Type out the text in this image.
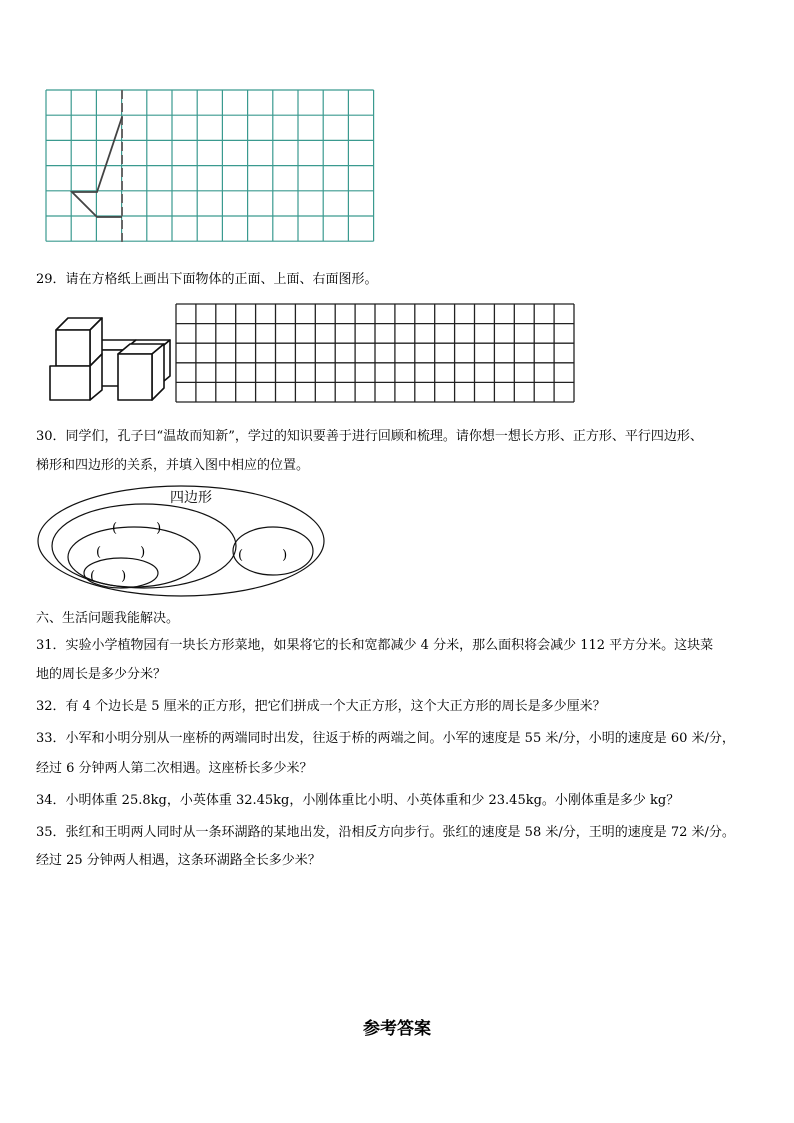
29．请在方格纸上画出下面物体的正面、上面、右面图形。
30．同学们，孔子曰“温故而知新”，学过的知识要善于进行回顾和梳理。请你想一想长方形、正方形、平行四边形、
梯形和四边形的关系，并填入图中相应的位置。
四边形
(　　　)
(　　　)
(　　)
(　　　)
六、生活问题我能解决。
31．实验小学植物园有一块长方形菜地，如果将它的长和宽都减少 4 分米，那么面积将会减少 112 平方分米。这块菜
地的周长是多少分米？
32．有 4 个边长是 5 厘米的正方形，把它们拼成一个大正方形，这个大正方形的周长是多少厘米？
33．小军和小明分别从一座桥的两端同时出发，往返于桥的两端之间。小军的速度是 55 米/分，小明的速度是 60 米/分，
经过 6 分钟两人第二次相遇。这座桥长多少米？
34．小明体重 25.8kg，小英体重 32.45kg，小刚体重比小明、小英体重和少 23.45kg。小刚体重是多少 kg？
35．张红和王明两人同时从一条环湖路的某地出发，沿相反方向步行。张红的速度是 58 米/分，王明的速度是 72 米/分。
经过 25 分钟两人相遇，这条环湖路全长多少米？
参考答案
